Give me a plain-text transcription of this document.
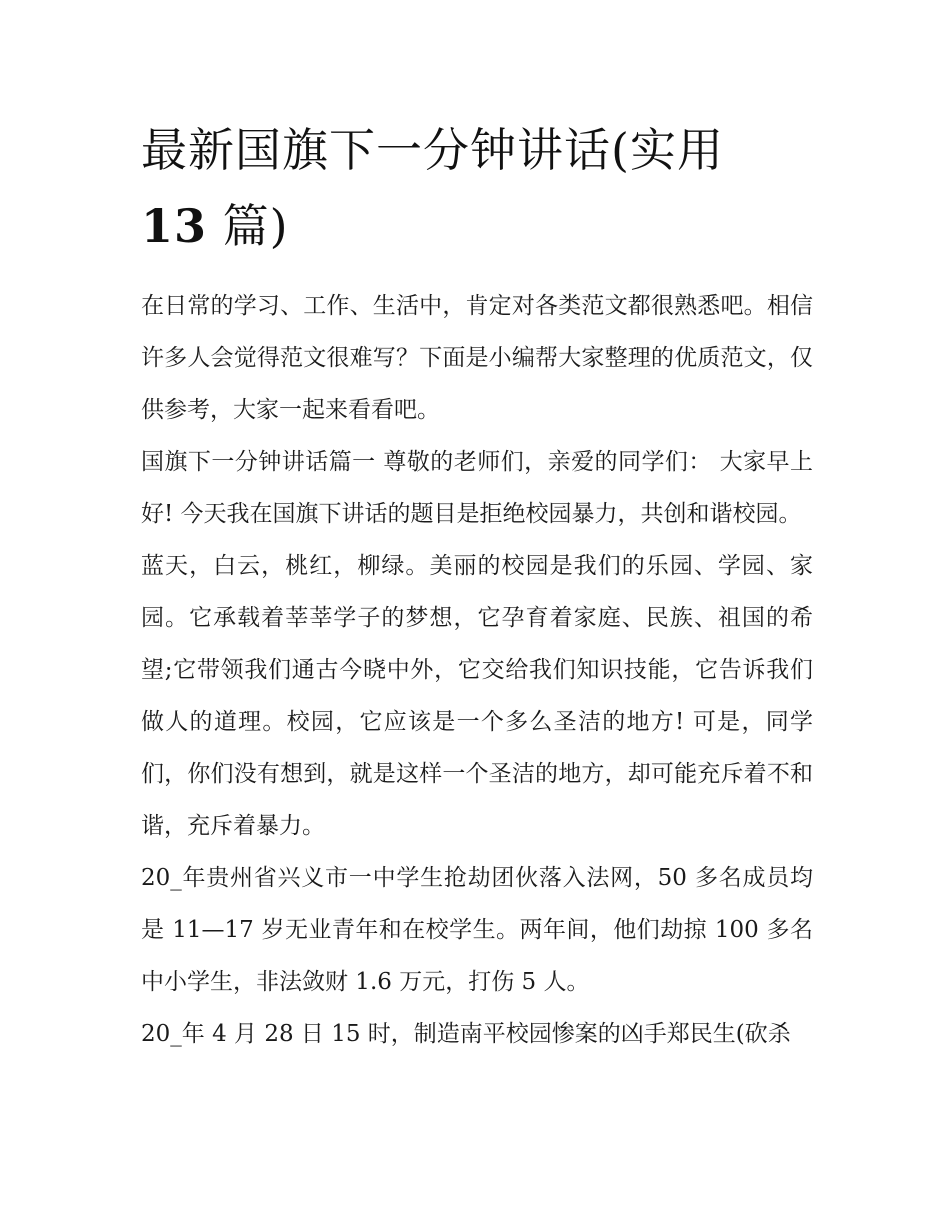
最新国旗下一分钟讲话(实用
13 篇)

在日常的学习、工作、生活中，肯定对各类范文都很熟悉吧。相信许多人会觉得范文很难写？下面是小编帮大家整理的优质范文，仅供参考，大家一起来看看吧。

国旗下一分钟讲话篇一 尊敬的老师们，亲爱的同学们： 大家早上好! 今天我在国旗下讲话的题目是拒绝校园暴力，共创和谐校园。

蓝天，白云，桃红，柳绿。美丽的校园是我们的乐园、学园、家园。它承载着莘莘学子的梦想，它孕育着家庭、民族、祖国的希望;它带领我们通古今晓中外，它交给我们知识技能，它告诉我们做人的道理。校园，它应该是一个多么圣洁的地方! 可是，同学们，你们没有想到，就是这样一个圣洁的地方，却可能充斥着不和谐，充斥着暴力。

20_年贵州省兴义市一中学生抢劫团伙落入法网，50 多名成员均是 11—17 岁无业青年和在校学生。两年间，他们劫掠 100 多名中小学生，非法敛财 1.6 万元，打伤 5 人。

20_年 4 月 28 日 15 时，制造南平校园惨案的凶手郑民生(砍杀
